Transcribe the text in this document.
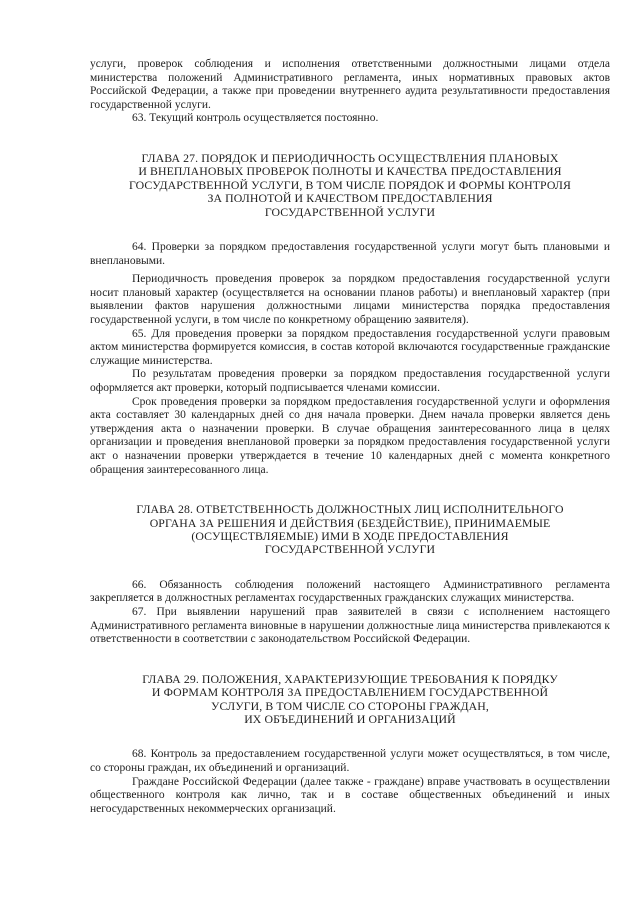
услуги, проверок соблюдения и исполнения ответственными должностными лицами отдела министерства положений Административного регламента, иных нормативных правовых актов Российской Федерации, а также при проведении внутреннего аудита результативности предоставления государственной услуги.

63. Текущий контроль осуществляется постоянно.

ГЛАВА 27. ПОРЯДОК И ПЕРИОДИЧНОСТЬ ОСУЩЕСТВЛЕНИЯ ПЛАНОВЫХ
И ВНЕПЛАНОВЫХ ПРОВЕРОК ПОЛНОТЫ И КАЧЕСТВА ПРЕДОСТАВЛЕНИЯ
ГОСУДАРСТВЕННОЙ УСЛУГИ, В ТОМ ЧИСЛЕ ПОРЯДОК И ФОРМЫ КОНТРОЛЯ
ЗА ПОЛНОТОЙ И КАЧЕСТВОМ ПРЕДОСТАВЛЕНИЯ
ГОСУДАРСТВЕННОЙ УСЛУГИ

64. Проверки за порядком предоставления государственной услуги могут быть плановыми и внеплановыми.

Периодичность проведения проверок за порядком предоставления государственной услуги носит плановый характер (осуществляется на основании планов работы) и внеплановый характер (при выявлении фактов нарушения должностными лицами министерства порядка предоставления государственной услуги, в том числе по конкретному обращению заявителя).

65. Для проведения проверки за порядком предоставления государственной услуги правовым актом министерства формируется комиссия, в состав которой включаются государственные гражданские служащие министерства.

По результатам проведения проверки за порядком предоставления государственной услуги оформляется акт проверки, который подписывается членами комиссии.

Срок проведения проверки за порядком предоставления государственной услуги и оформления акта составляет 30 календарных дней со дня начала проверки. Днем начала проверки является день утверждения акта о назначении проверки. В случае обращения заинтересованного лица в целях организации и проведения внеплановой проверки за порядком предоставления государственной услуги акт о назначении проверки утверждается в течение 10 календарных дней с момента конкретного обращения заинтересованного лица.

ГЛАВА 28. ОТВЕТСТВЕННОСТЬ ДОЛЖНОСТНЫХ ЛИЦ ИСПОЛНИТЕЛЬНОГО
ОРГАНА ЗА РЕШЕНИЯ И ДЕЙСТВИЯ (БЕЗДЕЙСТВИЕ), ПРИНИМАЕМЫЕ
(ОСУЩЕСТВЛЯЕМЫЕ) ИМИ В ХОДЕ ПРЕДОСТАВЛЕНИЯ
ГОСУДАРСТВЕННОЙ УСЛУГИ

66. Обязанность соблюдения положений настоящего Административного регламента закрепляется в должностных регламентах государственных гражданских служащих министерства.

67. При выявлении нарушений прав заявителей в связи с исполнением настоящего Административного регламента виновные в нарушении должностные лица министерства привлекаются к ответственности в соответствии с законодательством Российской Федерации.

ГЛАВА 29. ПОЛОЖЕНИЯ, ХАРАКТЕРИЗУЮЩИЕ ТРЕБОВАНИЯ К ПОРЯДКУ
И ФОРМАМ КОНТРОЛЯ ЗА ПРЕДОСТАВЛЕНИЕМ ГОСУДАРСТВЕННОЙ
УСЛУГИ, В ТОМ ЧИСЛЕ СО СТОРОНЫ ГРАЖДАН,
ИХ ОБЪЕДИНЕНИЙ И ОРГАНИЗАЦИЙ

68. Контроль за предоставлением государственной услуги может осуществляться, в том числе, со стороны граждан, их объединений и организаций.

Граждане Российской Федерации (далее также - граждане) вправе участвовать в осуществлении общественного контроля как лично, так и в составе общественных объединений и иных негосударственных некоммерческих организаций.
